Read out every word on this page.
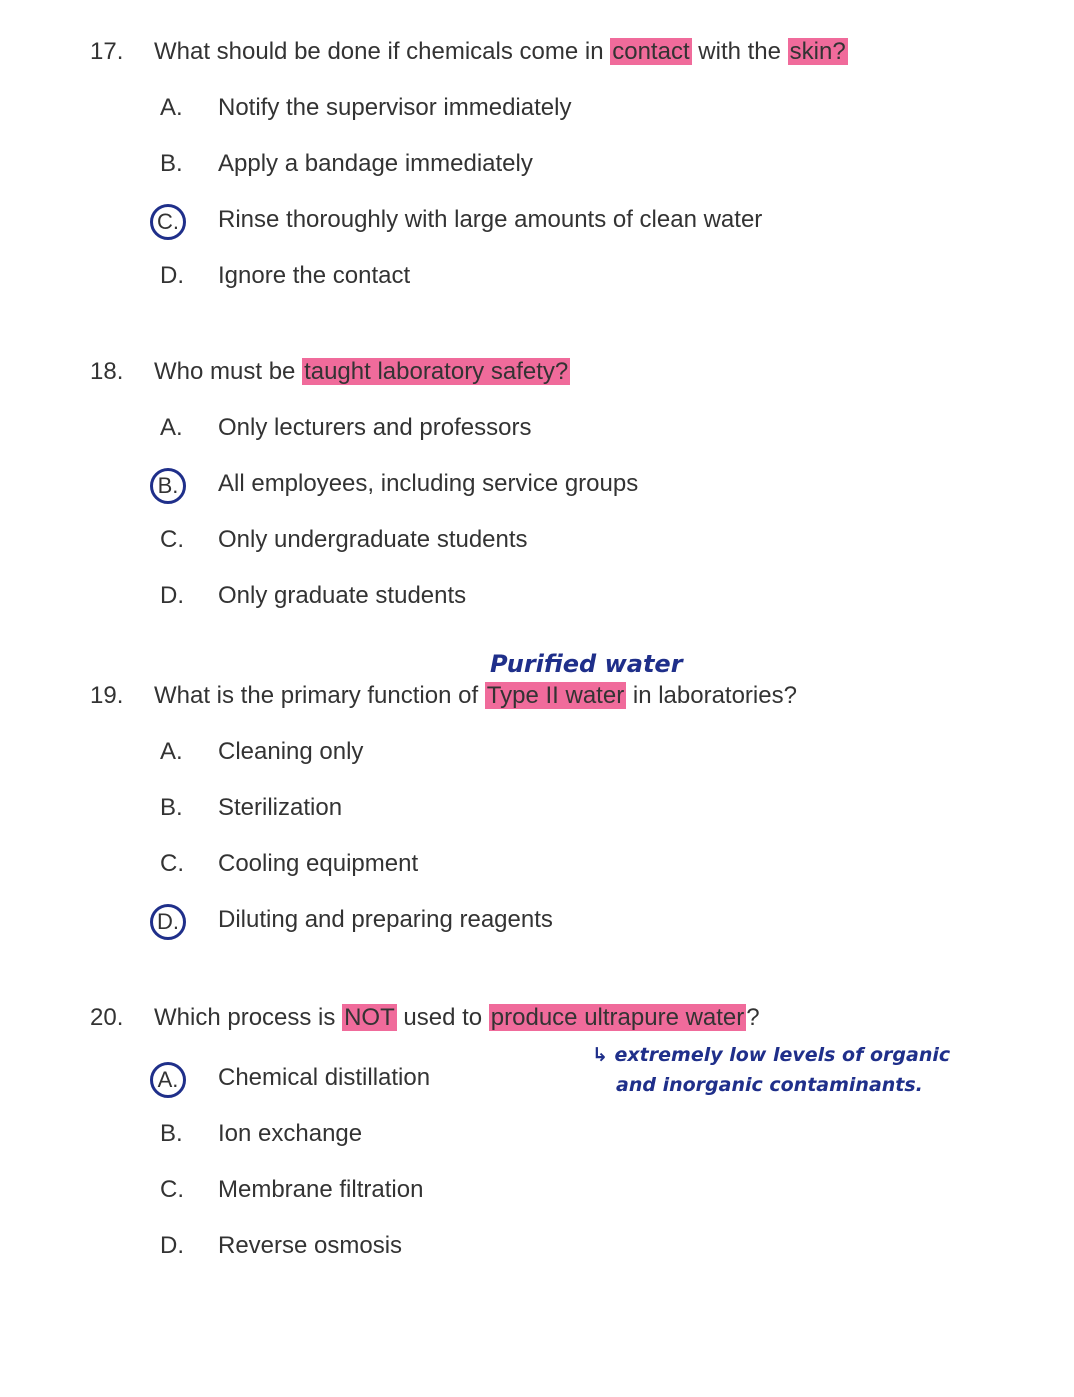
17. What should be done if chemicals come in contact with the skin?
A.	Notify the supervisor immediately
B.	Apply a bandage immediately
C. Rinse thoroughly with large amounts of clean water
D. Ignore the contact
18. Who must be taught laboratory safety?
A.	Only lecturers and professors
B.	All employees, including service groups
C. Only undergraduate students
D. Only graduate students
Purified water
19. What is the primary function of Type II water in laboratories?
A.	Cleaning only
B.	Sterilization
C. Cooling equipment
D. Diluting and preparing reagents
20. Which process is NOT used to produce ultrapure water?
A.	Chemical distillation
B.	Ion exchange
C. Membrane filtration
D. Reverse osmosis
↳ extremely low levels of organic
and inorganic contaminants.
